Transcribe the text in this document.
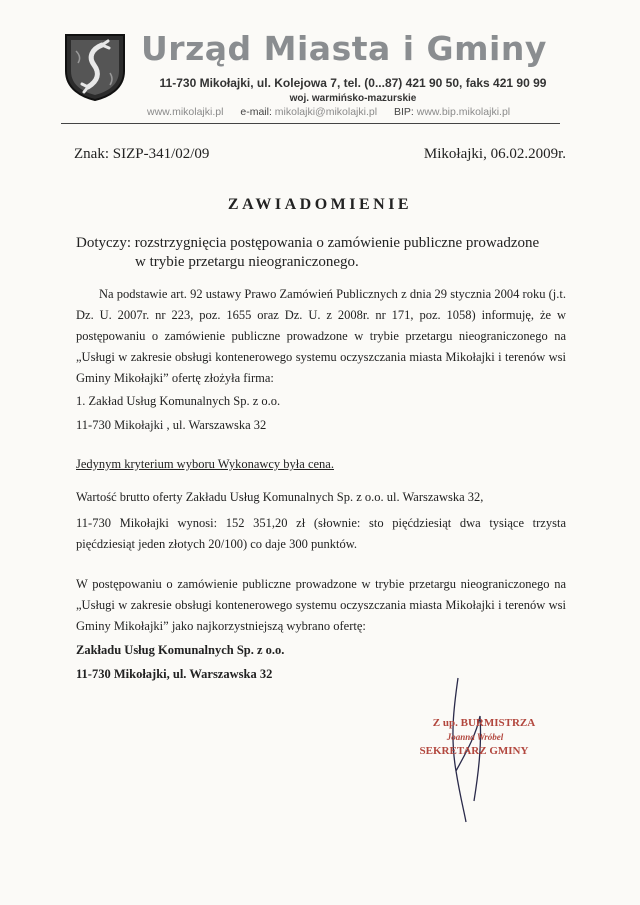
Urząd Miasta i Gminy
11-730 Mikołajki, ul. Kolejowa 7, tel. (0...87) 421 90 50, faks 421 90 99
woj. warmińsko-mazurskie
www.mikolajki.pl e-mail: mikolajki@mikolajki.pl BIP: www.bip.mikolajki.pl
Znak: SIZP-341/02/09	Mikołajki, 06.02.2009r.
ZAWIADOMIENIE
Dotyczy: rozstrzygnięcia postępowania o zamówienie publiczne prowadzone
w trybie przetargu nieograniczonego.
Na podstawie art. 92 ustawy Prawo Zamówień Publicznych z dnia 29 stycznia 2004 roku (j.t. Dz. U. 2007r. nr 223, poz. 1655 oraz Dz. U. z 2008r. nr 171, poz. 1058) informuję, że w postępowaniu o zamówienie publiczne prowadzone w trybie przetargu nieograniczonego na „Usługi w zakresie obsługi kontenerowego systemu oczyszczania miasta Mikołajki i terenów wsi Gminy Mikołajki” ofertę złożyła firma:
1. Zakład Usług Komunalnych Sp. z o.o.
11-730 Mikołajki , ul. Warszawska 32
Jedynym kryterium wyboru Wykonawcy była cena.
Wartość brutto oferty Zakładu Usług Komunalnych Sp. z o.o. ul. Warszawska 32,
11-730 Mikołajki wynosi: 152 351,20 zł (słownie: sto pięćdziesiąt dwa tysiące trzysta pięćdziesiąt jeden złotych 20/100) co daje 300 punktów.
W postępowaniu o zamówienie publiczne prowadzone w trybie przetargu nieograniczonego na „Usługi w zakresie obsługi kontenerowego systemu oczyszczania miasta Mikołajki i terenów wsi Gminy Mikołajki” jako najkorzystniejszą wybrano ofertę:
Zakładu Usług Komunalnych Sp. z o.o.
11-730 Mikołajki, ul. Warszawska 32
Z up. BURMISTRZA
Joanna Wróbel
SEKRETARZ GMINY
